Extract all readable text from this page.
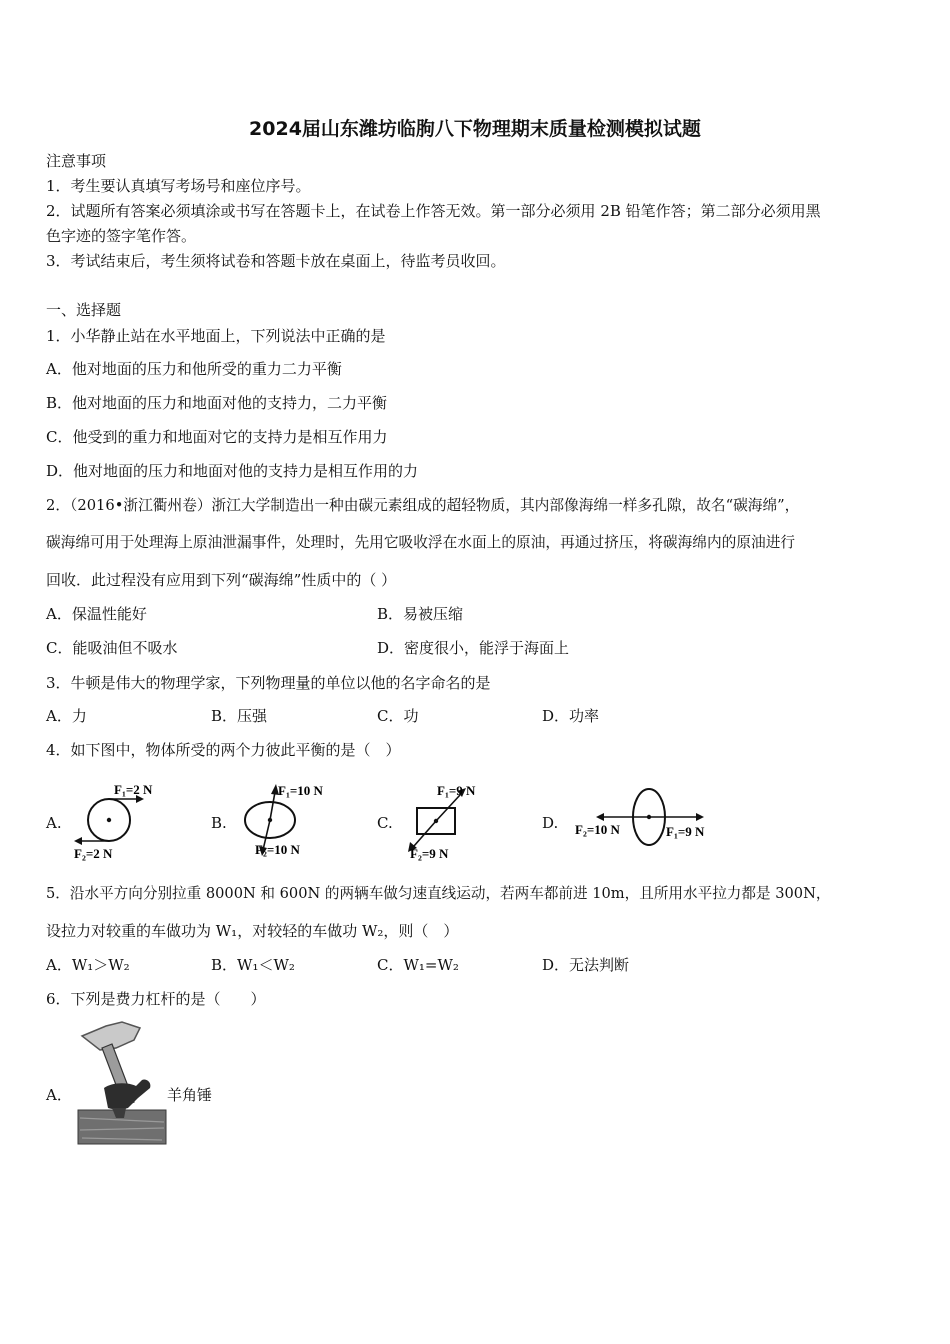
2024届山东潍坊临朐八下物理期末质量检测模拟试题
注意事项
1．考生要认真填写考场号和座位序号。
2．试题所有答案必须填涂或书写在答题卡上，在试卷上作答无效。第一部分必须用 2B 铅笔作答；第二部分必须用黑
色字迹的签字笔作答。
3．考试结束后，考生须将试卷和答题卡放在桌面上，待监考员收回。
一、选择题
1．小华静止站在水平地面上，下列说法中正确的是
A．他对地面的压力和他所受的重力二力平衡
B．他对地面的压力和地面对他的支持力，二力平衡
C．他受到的重力和地面对它的支持力是相互作用力
D．他对地面的压力和地面对他的支持力是相互作用的力
2．（2016•浙江衢州卷）浙江大学制造出一种由碳元素组成的超轻物质，其内部像海绵一样多孔隙，故名“碳海绵”，
碳海绵可用于处理海上原油泄漏事件，处理时，先用它吸收浮在水面上的原油，再通过挤压，将碳海绵内的原油进行
回收．此过程没有应用到下列“碳海绵”性质中的（ ）
A．保温性能好	B．易被压缩
C．能吸油但不吸水	D．密度很小，能浮于海面上
3．牛顿是伟大的物理学家，下列物理量的单位以他的名字命名的是
A．力	B．压强	C．功	D．功率
4．如下图中，物体所受的两个力彼此平衡的是（　）
A.
F₁=2 N
F₂=2 N
B.
F₁=10 N
F₂=10 N
C.
F₁=9 N
F₂=9 N
D. F₂=10 N	F₁=9 N
5．沿水平方向分别拉重 8000N 和 600N 的两辆车做匀速直线运动，若两车都前进 10m，且所用水平拉力都是 300N，
设拉力对较重的车做功为 W₁，对较轻的车做功 W₂，则（　）
A．W₁＞W₂	B．W₁＜W₂	C．W₁=W₂	D．无法判断
6．下列是费力杠杆的是（　　）
A．	羊角锤
